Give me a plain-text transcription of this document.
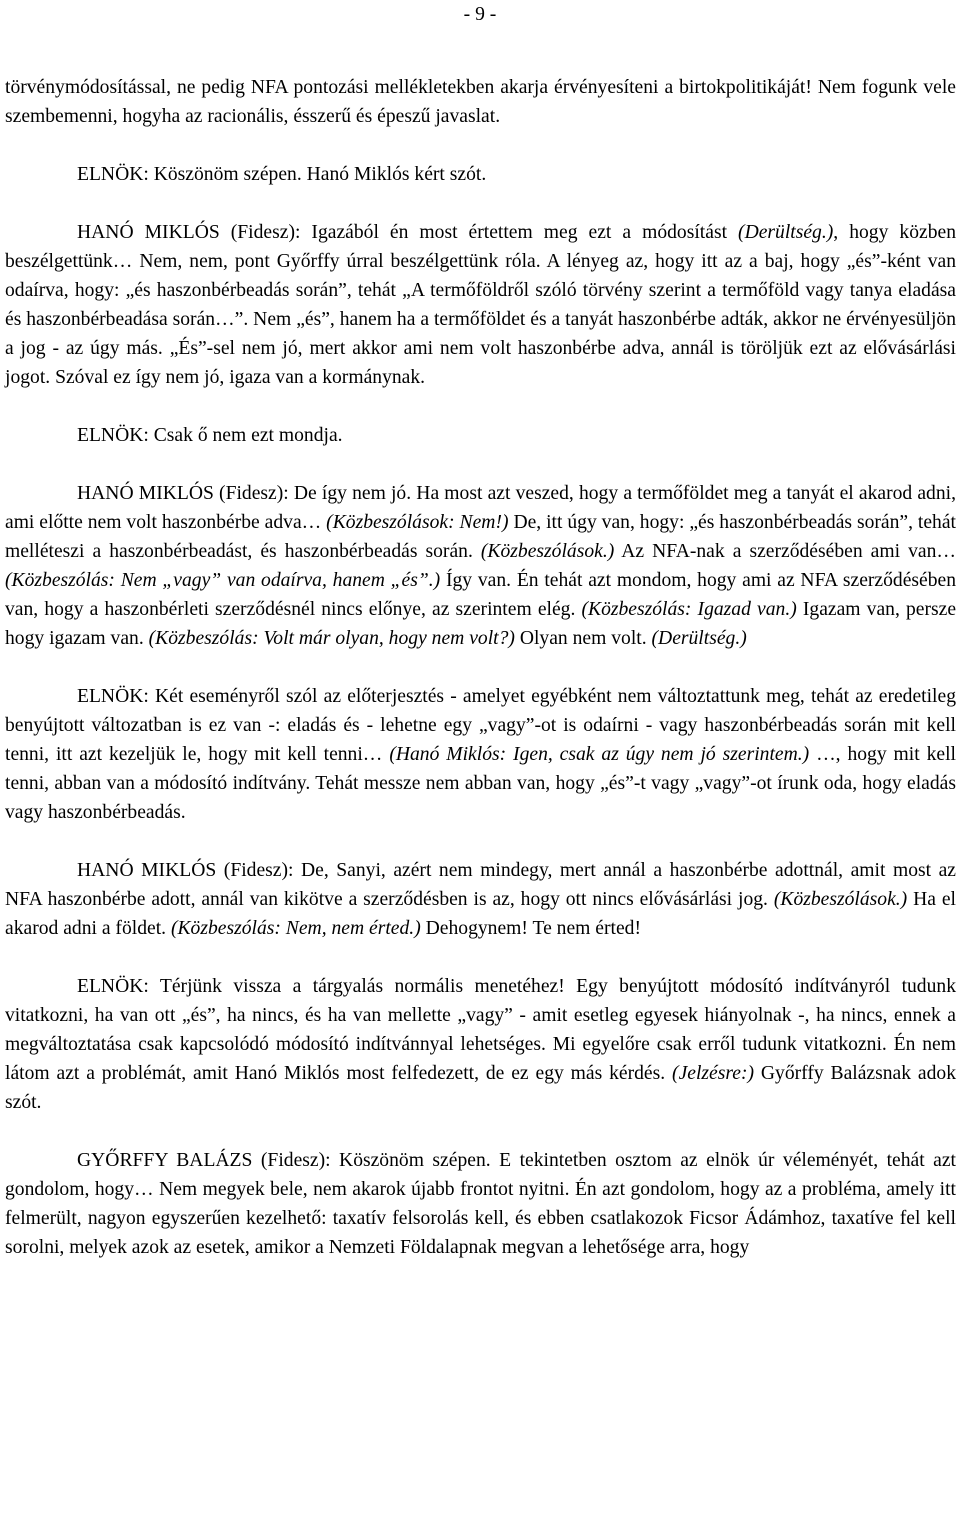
- 9 -

törvénymódosítással, ne pedig NFA pontozási mellékletekben akarja érvényesíteni a birtokpolitikáját! Nem fogunk vele szembemenni, hogyha az racionális, ésszerű és épeszű javaslat.

ELNÖK: Köszönöm szépen. Hanó Miklós kért szót.

HANÓ MIKLÓS (Fidesz): Igazából én most értettem meg ezt a módosítást (Derültség.), hogy közben beszélgettünk… Nem, nem, pont Győrffy úrral beszélgettünk róla. A lényeg az, hogy itt az a baj, hogy „és”-ként van odaírva, hogy: „és haszonbérbeadás során”, tehát „A termőföldről szóló törvény szerint a termőföld vagy tanya eladása és haszonbérbeadása során…”. Nem „és”, hanem ha a termőföldet és a tanyát haszonbérbe adták, akkor ne érvényesüljön a jog - az úgy más. „És”-sel nem jó, mert akkor ami nem volt haszonbérbe adva, annál is töröljük ezt az elővásárlási jogot. Szóval ez így nem jó, igaza van a kormánynak.

ELNÖK: Csak ő nem ezt mondja.

HANÓ MIKLÓS (Fidesz): De így nem jó. Ha most azt veszed, hogy a termőföldet meg a tanyát el akarod adni, ami előtte nem volt haszonbérbe adva… (Közbeszólások: Nem!) De, itt úgy van, hogy: „és haszonbérbeadás során”, tehát melléteszi a haszonbérbeadást, és haszonbérbeadás során. (Közbeszólások.) Az NFA-nak a szerződésében ami van… (Közbeszólás: Nem „vagy” van odaírva, hanem „és”.) Így van. Én tehát azt mondom, hogy ami az NFA szerződésében van, hogy a haszonbérleti szerződésnél nincs előnye, az szerintem elég. (Közbeszólás: Igazad van.) Igazam van, persze hogy igazam van. (Közbeszólás: Volt már olyan, hogy nem volt?) Olyan nem volt. (Derültség.)

ELNÖK: Két eseményről szól az előterjesztés - amelyet egyébként nem változtattunk meg, tehát az eredetileg benyújtott változatban is ez van -: eladás és - lehetne egy „vagy”-ot is odaírni - vagy haszonbérbeadás során mit kell tenni, itt azt kezeljük le, hogy mit kell tenni… (Hanó Miklós: Igen, csak az úgy nem jó szerintem.) …, hogy mit kell tenni, abban van a módosító indítvány. Tehát messze nem abban van, hogy „és”-t vagy „vagy”-ot írunk oda, hogy eladás vagy haszonbérbeadás.

HANÓ MIKLÓS (Fidesz): De, Sanyi, azért nem mindegy, mert annál a haszonbérbe adottnál, amit most az NFA haszonbérbe adott, annál van kikötve a szerződésben is az, hogy ott nincs elővásárlási jog. (Közbeszólások.) Ha el akarod adni a földet. (Közbeszólás: Nem, nem érted.) Dehogynem! Te nem érted!

ELNÖK: Térjünk vissza a tárgyalás normális menetéhez! Egy benyújtott módosító indítványról tudunk vitatkozni, ha van ott „és”, ha nincs, és ha van mellette „vagy” - amit esetleg egyesek hiányolnak -, ha nincs, ennek a megváltoztatása csak kapcsolódó módosító indítvánnyal lehetséges. Mi egyelőre csak erről tudunk vitatkozni. Én nem látom azt a problémát, amit Hanó Miklós most felfedezett, de ez egy más kérdés. (Jelzésre:) Győrffy Balázsnak adok szót.

GYŐRFFY BALÁZS (Fidesz): Köszönöm szépen. E tekintetben osztom az elnök úr véleményét, tehát azt gondolom, hogy… Nem megyek bele, nem akarok újabb frontot nyitni. Én azt gondolom, hogy az a probléma, amely itt felmerült, nagyon egyszerűen kezelhető: taxatív felsorolás kell, és ebben csatlakozok Ficsor Ádámhoz, taxatíve fel kell sorolni, melyek azok az esetek, amikor a Nemzeti Földalapnak megvan a lehetősége arra, hogy
